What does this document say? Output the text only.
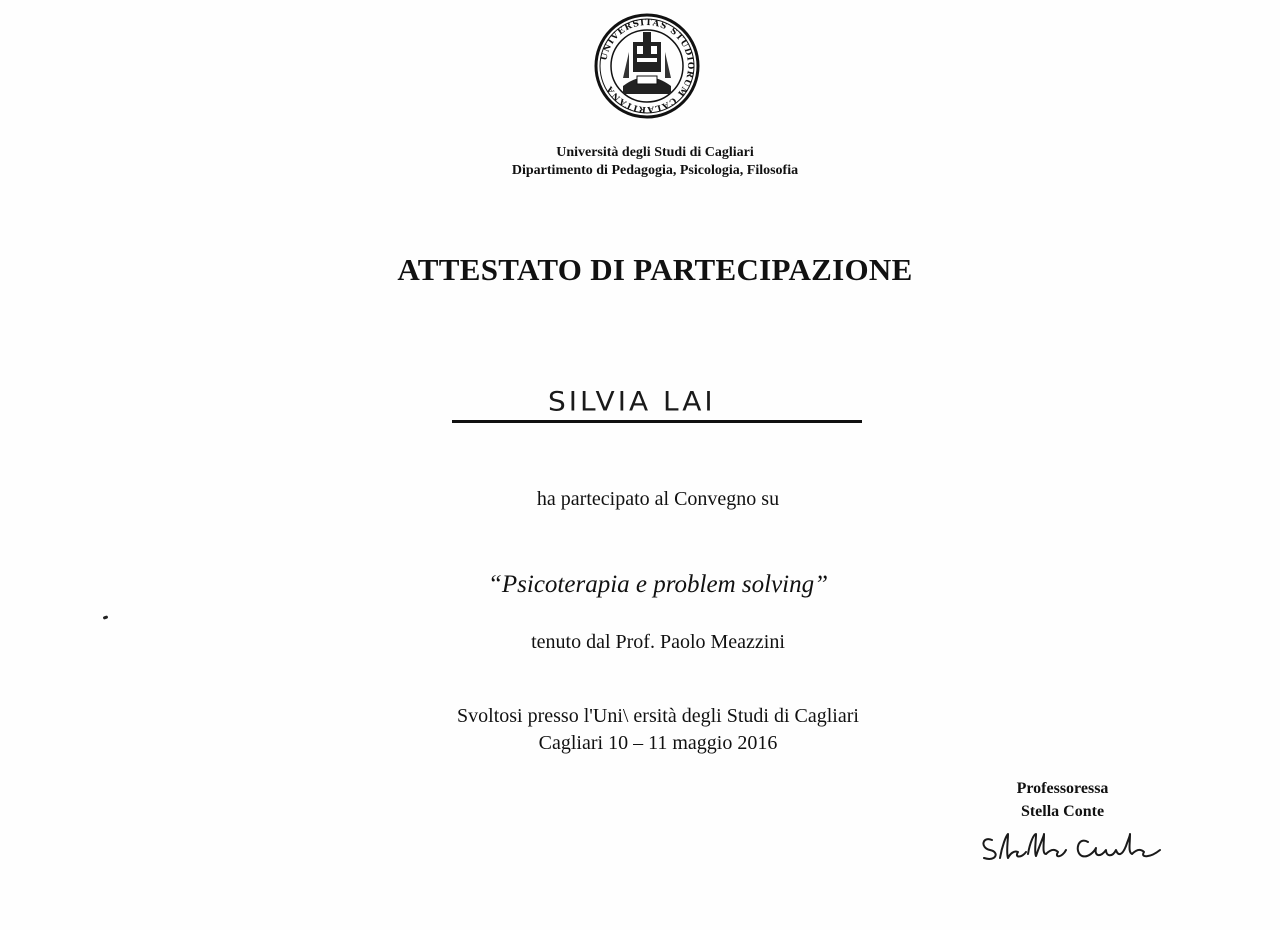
UNIVERSITAS STUDIORUM CALARITANA
Università degli Studi di Cagliari
Dipartimento di Pedagogia, Psicologia, Filosofia
ATTESTATO DI PARTECIPAZIONE
SILVIA LAI
ha partecipato al Convegno su
“Psicoterapia e problem solving”
tenuto dal Prof. Paolo Meazzini
Svoltosi presso l'Uni\ ersità degli Studi di Cagliari
Cagliari 10 – 11 maggio 2016
Professoressa
Stella Conte
